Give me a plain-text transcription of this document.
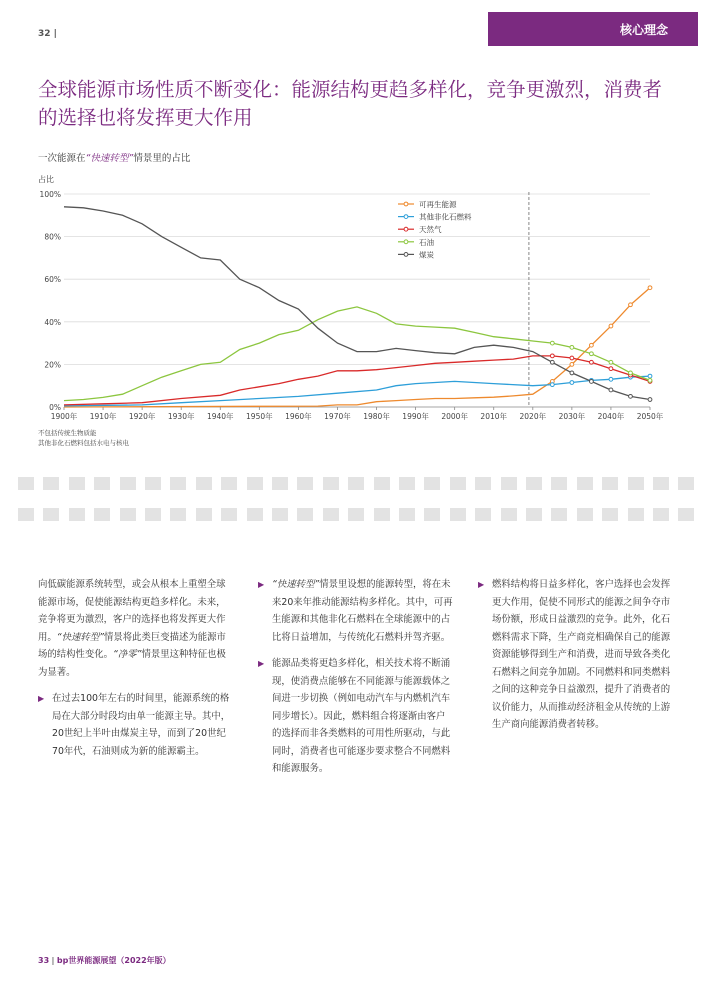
32 |	核心理念
全球能源市场性质不断变化：能源结构更趋多样化，竞争更激烈，消费者的选择也将发挥更大作用
一次能源在“快速转型”情景里的占比
占比
0%
20%
40%
60%
80%
100%
1900年 1910年 1920年 1930年 1940年 1950年 1960年 1970年 1980年 1990年 2000年 2010年 2020年 2030年 2040年 2050年
可再生能源
其他非化石燃料
天然气
石油
煤炭
不包括传统生物质能
其他非化石燃料包括水电与核电

向低碳能源系统转型，或会从根本上重塑全球能源市场，促使能源结构更趋多样化。未来，竞争将更为激烈，客户的选择也将发挥更大作用。“快速转型”情景将此类巨变描述为能源市场的结构性变化。“净零”情景里这种特征也极为显著。

▶ 在过去100年左右的时间里，能源系统的格局在大部分时段均由单一能源主导。其中，20世纪上半叶由煤炭主导，而到了20世纪70年代，石油则成为新的能源霸主。

▶ “快速转型”情景里设想的能源转型，将在未来20来年推动能源结构多样化。其中，可再生能源和其他非化石燃料在全球能源中的占比将日益增加，与传统化石燃料并驾齐驱。

▶ 能源品类将更趋多样化，相关技术将不断涌现，使消费点能够在不同能源与能源载体之间进一步切换（例如电动汽车与内燃机汽车同步增长）。因此，燃料组合将逐渐由客户的选择而非各类燃料的可用性所驱动，与此同时，消费者也可能逐步要求整合不同燃料和能源服务。

▶ 燃料结构将日益多样化，客户选择也会发挥更大作用，促使不同形式的能源之间争夺市场份额，形成日益激烈的竞争。此外，化石燃料需求下降，生产商竞相确保自己的能源资源能够得到生产和消费，进而导致各类化石燃料之间竞争加剧。不同燃料和同类燃料之间的这种竞争日益激烈，提升了消费者的议价能力，从而推动经济租金从传统的上游生产商向能源消费者转移。

33 | bp世界能源展望（2022年版）
